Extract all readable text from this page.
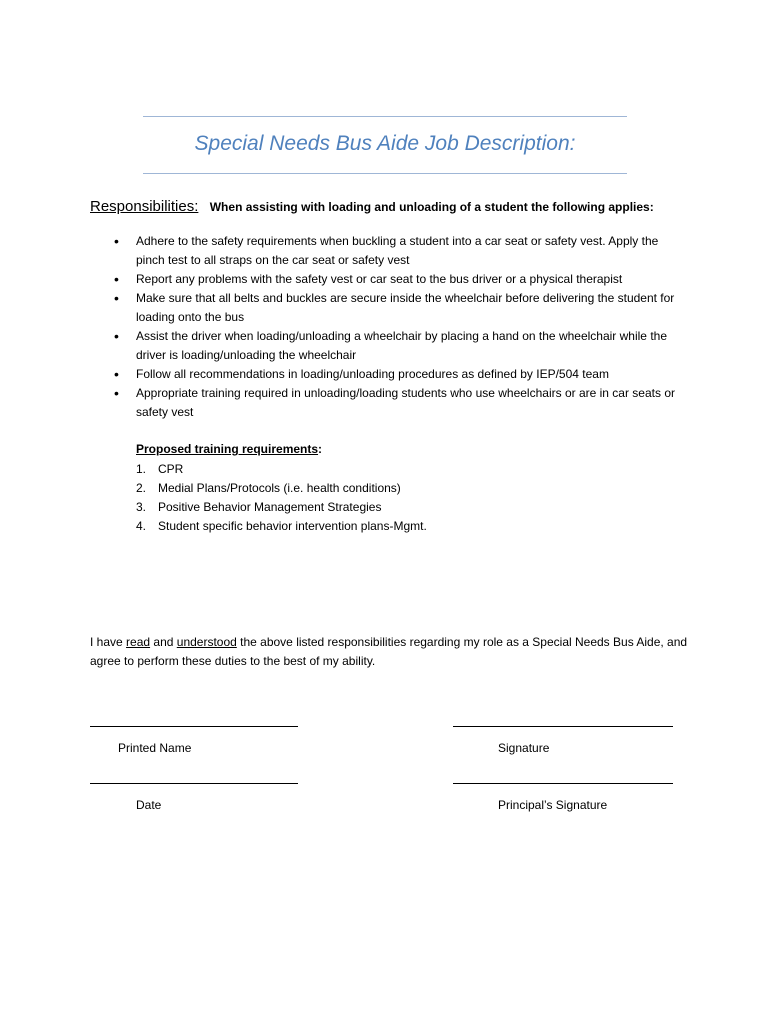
Special Needs Bus Aide Job Description:
Responsibilities: When assisting with loading and unloading of a student the following applies:
• Adhere to the safety requirements when buckling a student into a car seat or safety vest. Apply the pinch test to all straps on the car seat or safety vest
• Report any problems with the safety vest or car seat to the bus driver or a physical therapist
• Make sure that all belts and buckles are secure inside the wheelchair before delivering the student for loading onto the bus
• Assist the driver when loading/unloading a wheelchair by placing a hand on the wheelchair while the driver is loading/unloading the wheelchair
• Follow all recommendations in loading/unloading procedures as defined by IEP/504 team
• Appropriate training required in unloading/loading students who use wheelchairs or are in car seats or safety vest
Proposed training requirements:
1. CPR
2. Medial Plans/Protocols (i.e. health conditions)
3. Positive Behavior Management Strategies
4. Student specific behavior intervention plans-Mgmt.
I have read and understood the above listed responsibilities regarding my role as a Special Needs Bus Aide, and agree to perform these duties to the best of my ability.
Printed Name	Signature
Date	Principal’s Signature
